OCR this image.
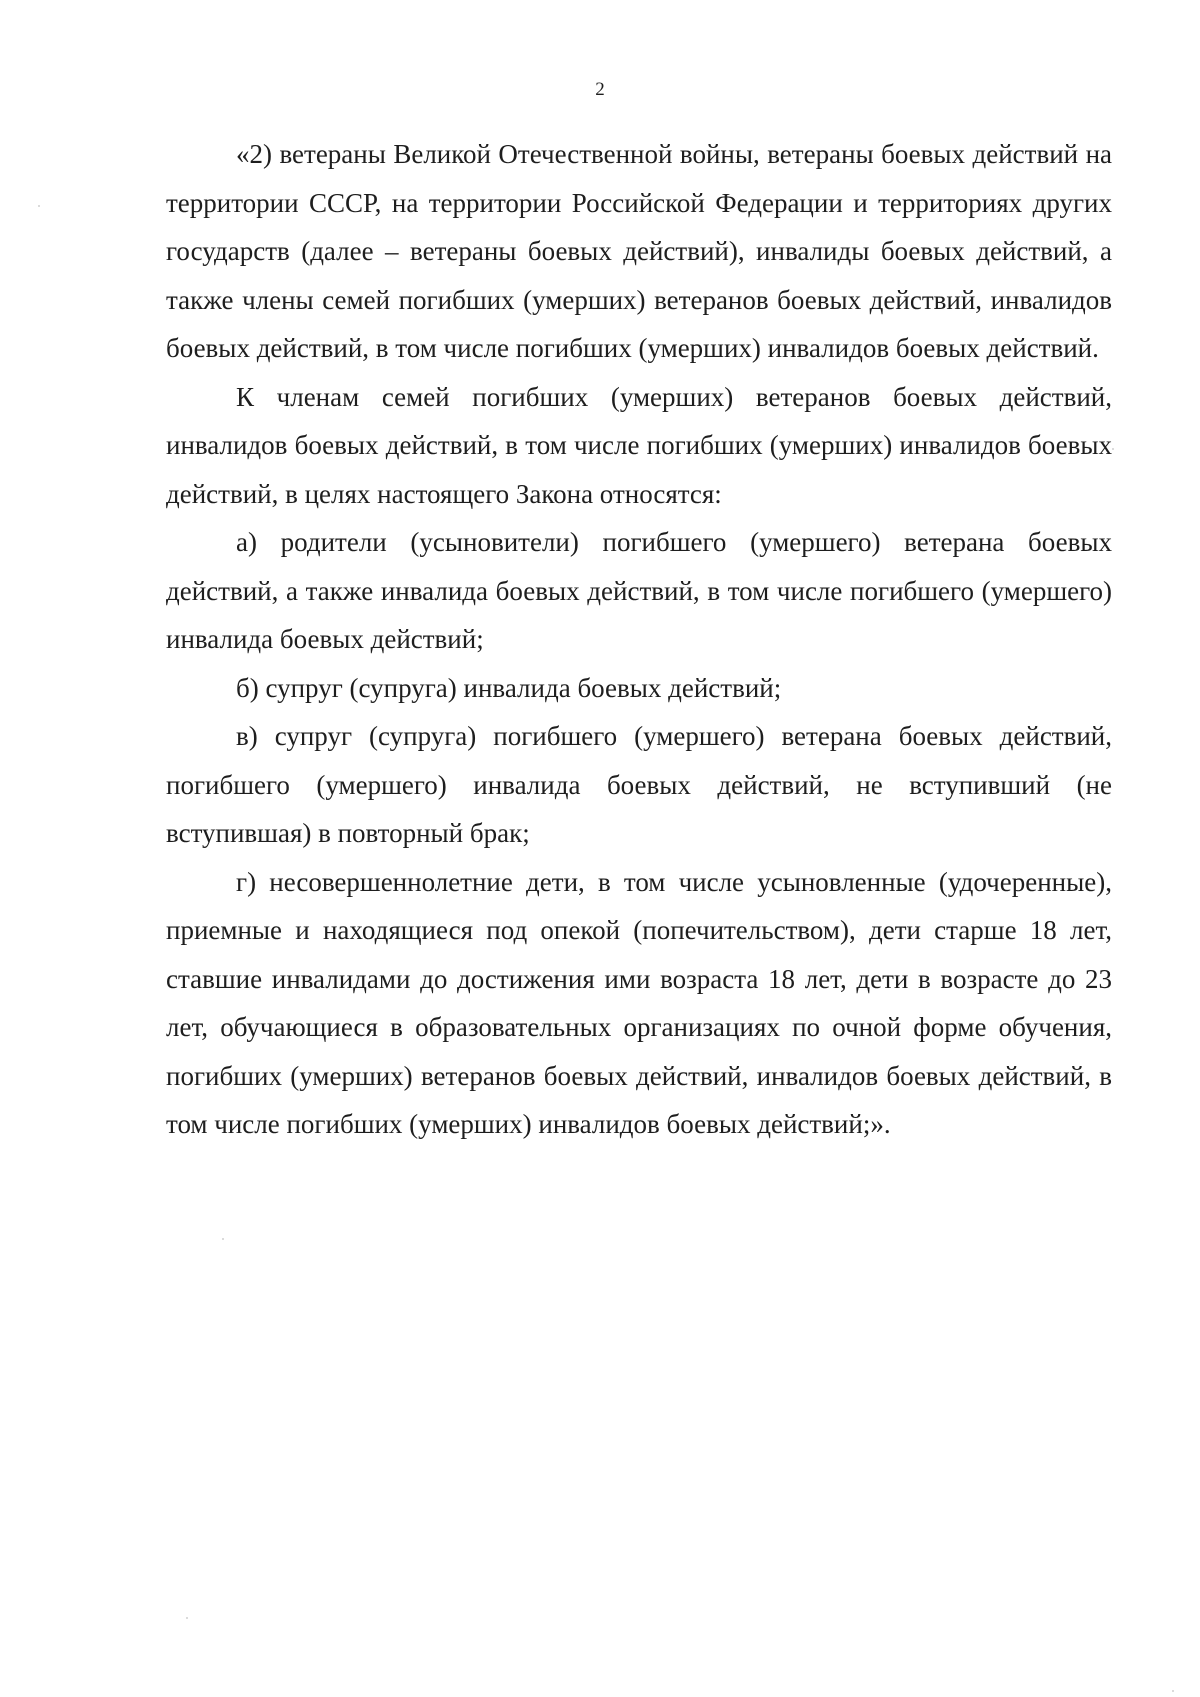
2

«2) ветераны Великой Отечественной войны, ветераны боевых действий на территории СССР, на территории Российской Федерации и территориях других государств (далее – ветераны боевых действий), инвалиды боевых действий, а также члены семей погибших (умерших) ветеранов боевых действий, инвалидов боевых действий, в том числе погибших (умерших) инвалидов боевых действий.

К членам семей погибших (умерших) ветеранов боевых действий, инвалидов боевых действий, в том числе погибших (умерших) инвалидов боевых действий, в целях настоящего Закона относятся:

а) родители (усыновители) погибшего (умершего) ветерана боевых действий, а также инвалида боевых действий, в том числе погибшего (умершего) инвалида боевых действий;

б) супруг (супруга) инвалида боевых действий;

в) супруг (супруга) погибшего (умершего) ветерана боевых действий, погибшего (умершего) инвалида боевых действий, не вступивший (не вступившая) в повторный брак;

г) несовершеннолетние дети, в том числе усыновленные (удочеренные), приемные и находящиеся под опекой (попечительством), дети старше 18 лет, ставшие инвалидами до достижения ими возраста 18 лет, дети в возрасте до 23 лет, обучающиеся в образовательных организациях по очной форме обучения, погибших (умерших) ветеранов боевых действий, инвалидов боевых действий, в том числе погибших (умерших) инвалидов боевых действий;».
